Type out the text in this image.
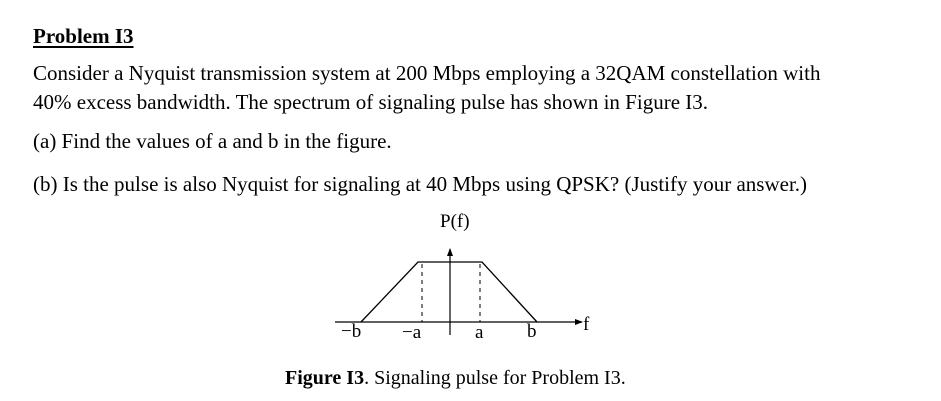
Problem I3
Consider a Nyquist transmission system at 200 Mbps employing a 32QAM constellation with
40% excess bandwidth. The spectrum of signaling pulse has shown in Figure I3.
(a) Find the values of a and b in the figure.
(b) Is the pulse is also Nyquist for signaling at 40 Mbps using QPSK? (Justify your answer.)
P(f)
−b −a	a b f
Figure I3. Signaling pulse for Problem I3.
